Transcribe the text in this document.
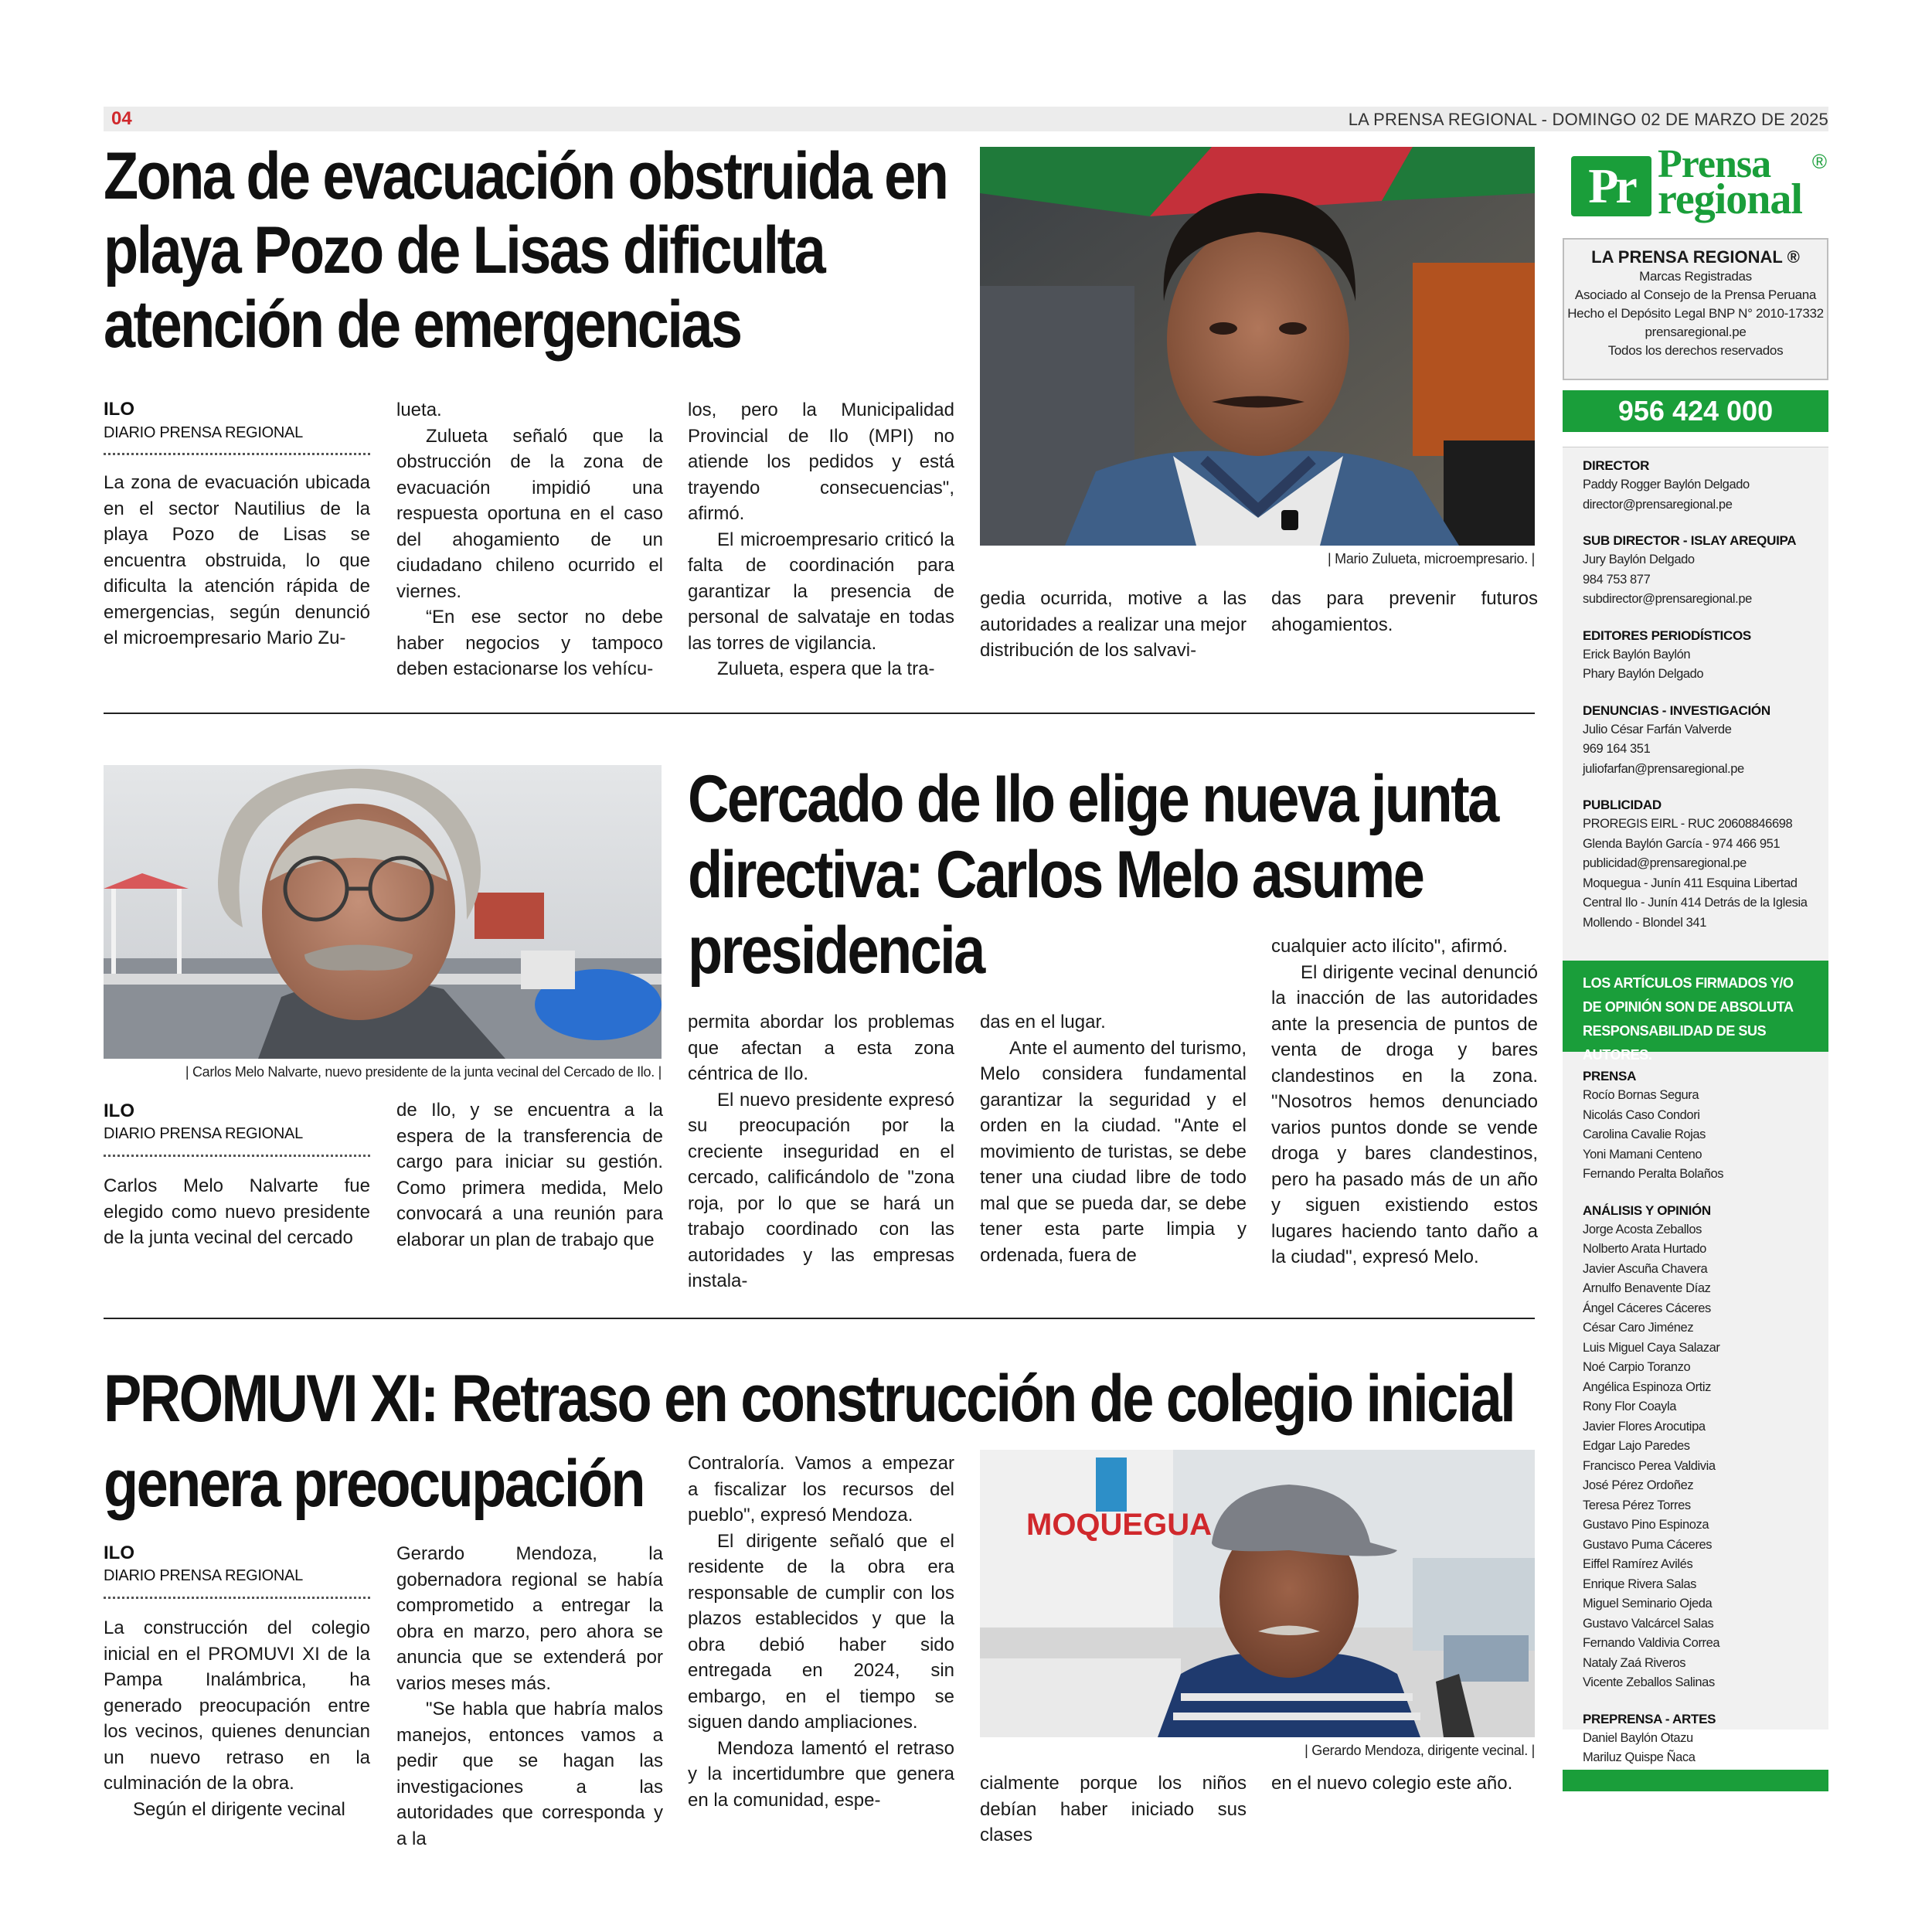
04	LA PRENSA REGIONAL - DOMINGO 02 DE MARZO DE 2025
Zona de evacuación obstruida en playa Pozo de Lisas dificulta atención de emergencias
ILO
DIARIO PRENSA REGIONAL

La zona de evacuación ubicada en el sector Nautilius de la playa Pozo de Lisas se encuentra obstruida, lo que dificulta la atención rápida de emergencias, según denunció el microempresario Mario Zu-

lueta.

Zulueta señaló que la obstrucción de la zona de evacuación impidió una respuesta oportuna en el caso del ahogamiento de un ciudadano chileno ocurrido el viernes.

“En ese sector no debe haber negocios y tampoco deben estacionarse los vehícu-

los, pero la Municipalidad Provincial de Ilo (MPI) no atiende los pedidos y está trayendo consecuencias", afirmó.

El microempresario criticó la falta de coordinación para garantizar la presencia de personal de salvataje en todas las torres de vigilancia.

Zulueta, espera que la tra-

gedia ocurrida, motive a las autoridades a realizar una mejor distribución de los salvavi-

das para prevenir futuros ahogamientos.

| Mario Zulueta, microempresario. |
| Carlos Melo Nalvarte, nuevo presidente de la junta vecinal del Cercado de Ilo. |
Cercado de Ilo elige nueva junta directiva: Carlos Melo asume presidencia
ILO
DIARIO PRENSA REGIONAL

Carlos Melo Nalvarte fue elegido como nuevo presidente de la junta vecinal del cercado

de Ilo, y se encuentra a la espera de la transferencia de cargo para iniciar su gestión. Como primera medida, Melo convocará a una reunión para elaborar un plan de trabajo que

permita abordar los problemas que afectan a esta zona céntrica de Ilo.

El nuevo presidente expresó su preocupación por la creciente inseguridad en el cercado, calificándolo de "zona roja, por lo que se hará un trabajo coordinado con las autoridades y las empresas instala-

das en el lugar.

Ante el aumento del turismo, Melo considera fundamental garantizar la seguridad y el orden en la ciudad. "Ante el movimiento de turistas, se debe tener una ciudad libre de todo mal que se pueda dar, se debe tener esta parte limpia y ordenada, fuera de

cualquier acto ilícito", afirmó.

El dirigente vecinal denunció la inacción de las autoridades ante la presencia de puntos de venta de droga y bares clandestinos en la zona. "Nosotros hemos denunciado varios puntos donde se vende droga y bares clandestinos, pero ha pasado más de un año y siguen existiendo estos lugares haciendo tanto daño a la ciudad", expresó Melo.

PROMUVI XI: Retraso en construcción de colegio inicial
genera preocupación
ILO
DIARIO PRENSA REGIONAL

La construcción del colegio inicial en el PROMUVI XI de la Pampa Inalámbrica, ha generado preocupación entre los vecinos, quienes denuncian un nuevo retraso en la culminación de la obra.

Según el dirigente vecinal

Gerardo Mendoza, la gobernadora regional se había comprometido a entregar la obra en marzo, pero ahora se anuncia que se extenderá por varios meses más.

"Se habla que habría malos manejos, entonces vamos a pedir que se hagan las investigaciones a las autoridades que corresponda y a la

Contraloría. Vamos a empezar a fiscalizar los recursos del pueblo", expresó Mendoza.

El dirigente señaló que el residente de la obra era responsable de cumplir con los plazos establecidos y que la obra debió haber sido entregada en 2024, sin embargo, en el tiempo se siguen dando ampliaciones.

Mendoza lamentó el retraso y la incertidumbre que genera en la comunidad, espe-

cialmente porque los niños debían haber iniciado sus clases

en el nuevo colegio este año.

MOQUEGUA
| Gerardo Mendoza, dirigente vecinal. |
Pr Prensa
regional
®
LA PRENSA REGIONAL ®
Marcas Registradas
Asociado al Consejo de la Prensa Peruana
Hecho el Depósito Legal BNP N° 2010-17332
prensaregional.pe
Todos los derechos reservados
956 424 000
DIRECTOR
Paddy Rogger Baylón Delgado
director@prensaregional.pe
SUB DIRECTOR - ISLAY AREQUIPA
Jury Baylón Delgado
984 753 877
subdirector@prensaregional.pe
EDITORES PERIODÍSTICOS
Erick Baylón Baylón
Phary Baylón Delgado
DENUNCIAS - INVESTIGACIÓN
Julio César Farfán Valverde
969 164 351
juliofarfan@prensaregional.pe
PUBLICIDAD
PROREGIS EIRL - RUC 20608846698
Glenda Baylón García - 974 466 951
publicidad@prensaregional.pe
Moquegua - Junín 411 Esquina Libertad
Central Ilo - Junín 414 Detrás de la Iglesia
Mollendo - Blondel 341
PRENSA
Rocío Bornas Segura
Nicolás Caso Condori
Carolina Cavalie Rojas
Yoni Mamani Centeno
Fernando Peralta Bolaños
ANÁLISIS Y OPINIÓN
Jorge Acosta Zeballos
Nolberto Arata Hurtado
Javier Ascuña Chavera
Arnulfo Benavente Díaz
Ángel Cáceres Cáceres
César Caro Jiménez
Luis Miguel Caya Salazar
Noé Carpio Toranzo
Angélica Espinoza Ortiz
Rony Flor Coayla
Javier Flores Arocutipa
Edgar Lajo Paredes
Francisco Perea Valdivia
José Pérez Ordoñez
Teresa Pérez Torres
Gustavo Pino Espinoza
Gustavo Puma Cáceres
Eiffel Ramírez Avilés
Enrique Rivera Salas
Miguel Seminario Ojeda
Gustavo Valcárcel Salas
Fernando Valdivia Correa
Nataly Zaá Riveros
Vicente Zeballos Salinas
PREPRENSA - ARTES
Daniel Baylón Otazu
Mariluz Quispe Ñaca
LOS ARTÍCULOS FIRMADOS Y/O DE OPINIÓN SON DE ABSOLUTA RESPONSABILIDAD DE SUS AUTORES.
